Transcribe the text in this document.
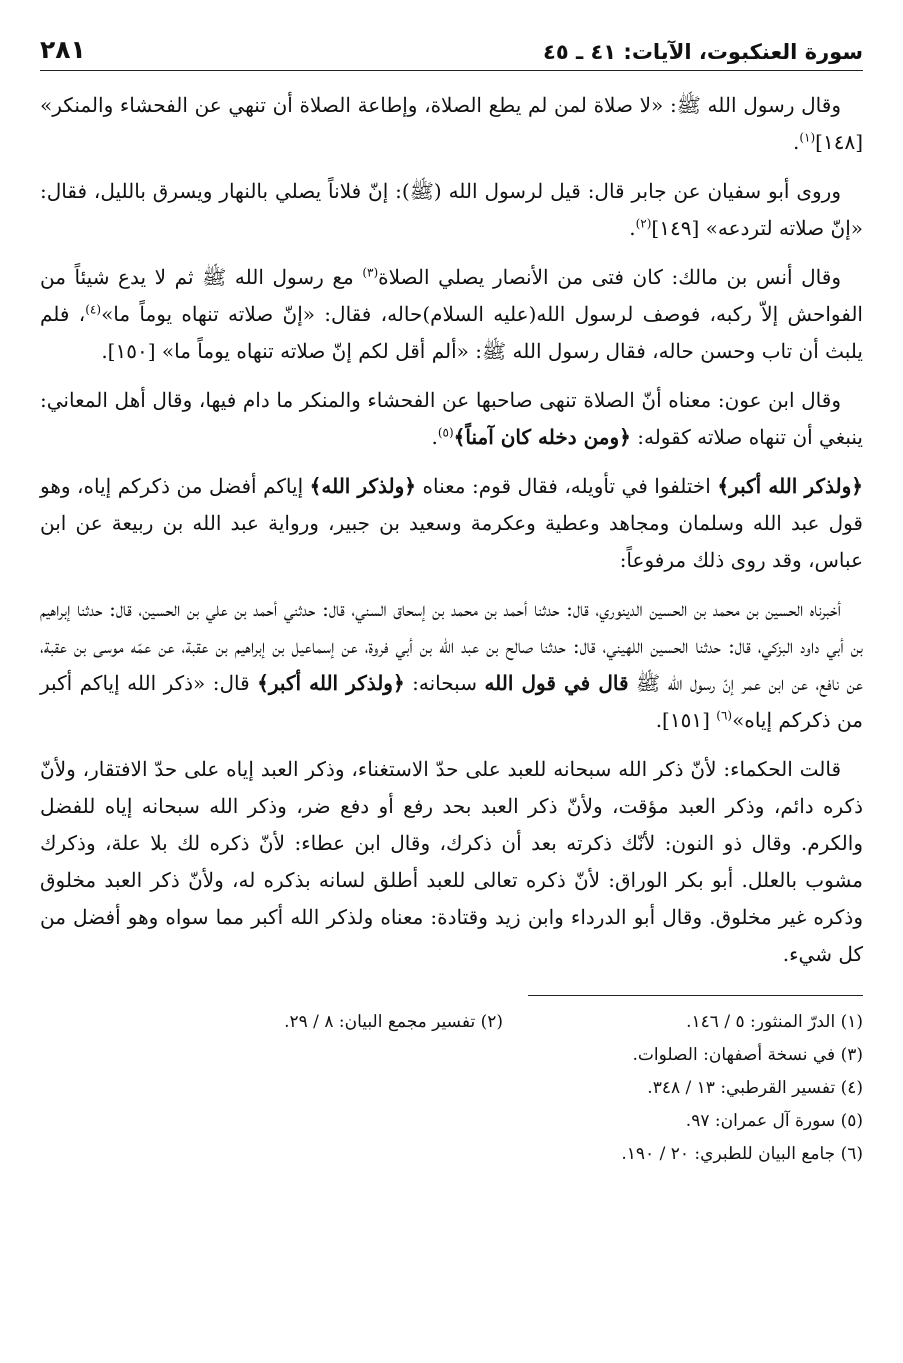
سورة العنكبوت، الآيات: ٤١ ـ ٤٥
٢٨١

وقال رسول الله ﷺ: «لا صلاة لمن لم يطع الصلاة، وإطاعة الصلاة أن تنهي عن الفحشاء والمنكر» [١٤٨]$^{(١)}$.

وروى أبو سفيان عن جابر قال: قيل لرسول الله (ﷺ): إنّ فلاناً يصلي بالنهار ويسرق بالليل، فقال: «إنّ صلاته لتردعه» [١٤٩]$^{(٢)}$.

وقال أنس بن مالك: كان فتى من الأنصار يصلي الصلاة$^{(٣)}$ مع رسول الله ﷺ ثم لا يدع شيئاً من الفواحش إلاّ ركبه، فوصف لرسول الله(عليه السلام)حاله، فقال: «إنّ صلاته تنهاه يوماً ما»$^{(٤)}$، فلم يلبث أن تاب وحسن حاله، فقال رسول الله ﷺ: «ألم أقل لكم إنّ صلاته تنهاه يوماً ما» [١٥٠].

وقال ابن عون: معناه أنّ الصلاة تنهى صاحبها عن الفحشاء والمنكر ما دام فيها، وقال أهل المعاني: ينبغي أن تنهاه صلاته كقوله: ﴿ومن دخله كان آمناً﴾$^{(٥)}$.

﴿ولذكر الله أكبر﴾ اختلفوا في تأويله، فقال قوم: معناه ﴿ولذكر الله﴾ إياكم أفضل من ذكركم إياه، وهو قول عبد الله وسلمان ومجاهد وعطية وعكرمة وسعيد بن جبير، ورواية عبد الله بن ربيعة عن ابن عباس، وقد روى ذلك مرفوعاً:

أخبرناه الحسين بن محمد بن الحسين الدينوري، قال: حدثنا أحمد بن محمد بن إسحاق السني، قال: حدثني أحمد بن علي بن الحسين، قال: حدثنا إبراهيم بن أبي داود البزكي، قال: حدثنا الحسين اللهيني، قال: حدثنا صالح بن عبد الله بن أبي فروة، عن إسماعيل بن إبراهيم بن عقبة، عن عمّه موسى بن عقبة، عن نافع، عن ابن عمر إنّ رسول الله ﷺ قال في قول الله سبحانه: ﴿ولذكر الله أكبر﴾ قال: «ذكر الله إياكم أكبر من ذكركم إياه»$^{(٦)}$ [١٥١].

قالت الحكماء: لأنّ ذكر الله سبحانه للعبد على حدّ الاستغناء، وذكر العبد إياه على حدّ الافتقار، ولأنّ ذكره دائم، وذكر العبد مؤقت، ولأنّ ذكر العبد بحد رفع أو دفع ضر، وذكر الله سبحانه إياه للفضل والكرم. وقال ذو النون: لأنّك ذكرته بعد أن ذكرك، وقال ابن عطاء: لأنّ ذكره لك بلا علة، وذكرك مشوب بالعلل. أبو بكر الوراق: لأنّ ذكره تعالى للعبد أطلق لسانه بذكره له، ولأنّ ذكر العبد مخلوق وذكره غير مخلوق. وقال أبو الدرداء وابن زيد وقتادة: معناه ولذكر الله أكبر مما سواه وهو أفضل من كل شيء.

(١) الدرّ المنثور: ٥ / ١٤٦.
(٢) تفسير مجمع البيان: ٨ / ٢٩.
(٣) في نسخة أصفهان: الصلوات.
(٤) تفسير القرطبي: ١٣ / ٣٤٨.
(٥) سورة آل عمران: ٩٧.
(٦) جامع البيان للطبري: ٢٠ / ١٩٠.
